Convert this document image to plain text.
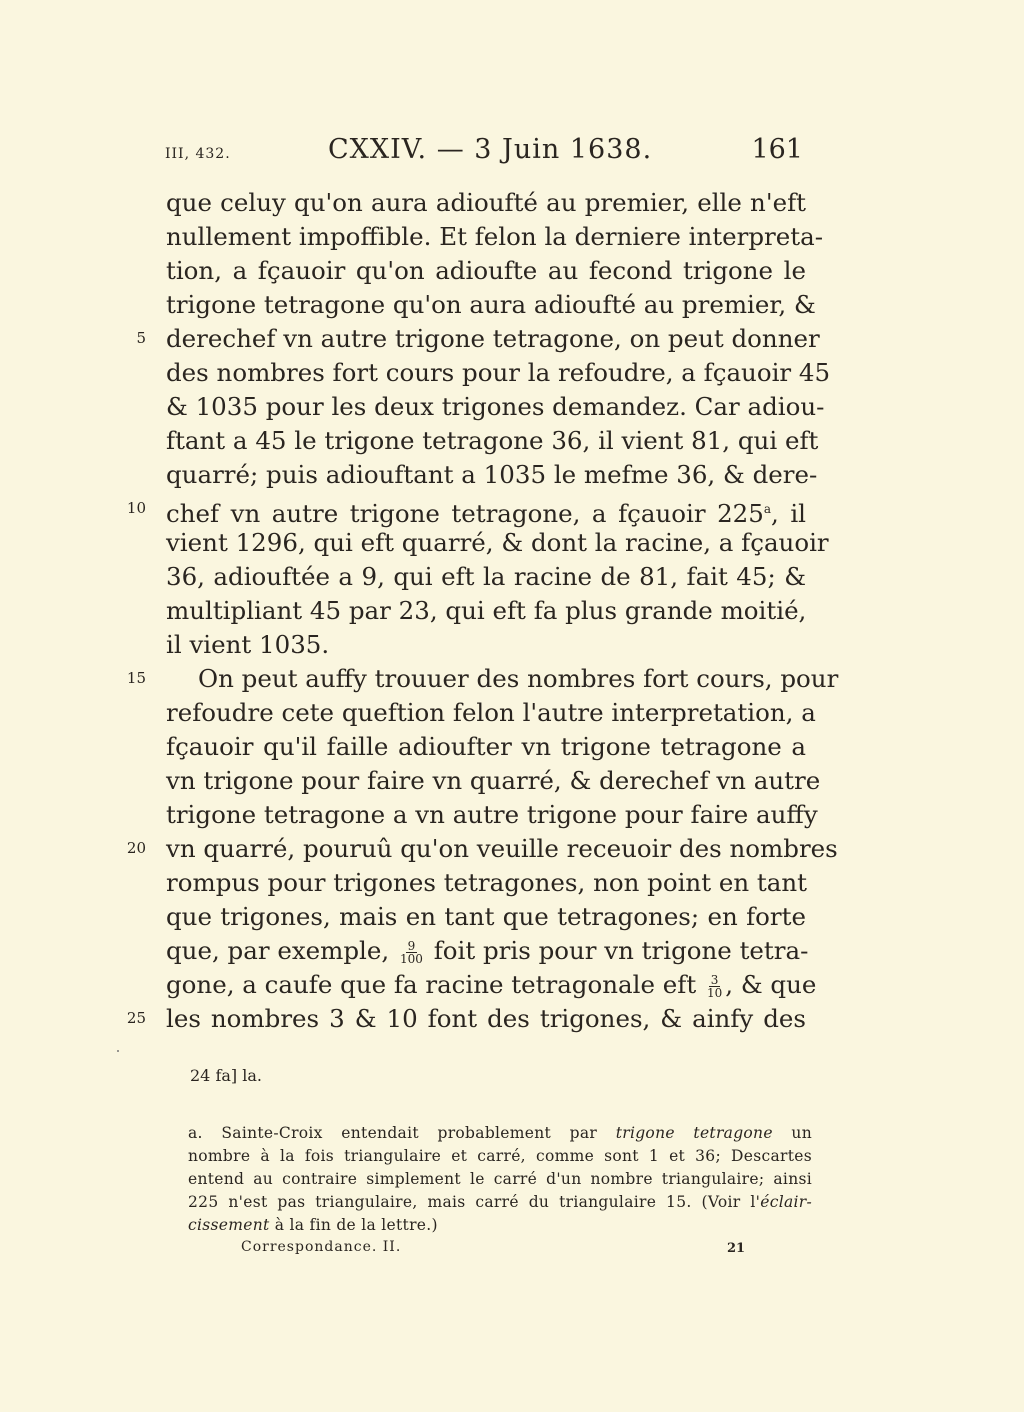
III, 432.	CXXIV. — 3 Juin 1638.	161
que celuy qu'on aura adioufté au premier, elle n'eft
nullement impoffible. Et felon la derniere interpreta-
tion, a fçauoir qu'on adioufte au fecond trigone le
trigone tetragone qu'on aura adioufté au premier, &
derechef vn autre trigone tetragone, on peut donner
des nombres fort cours pour la refoudre, a fçauoir 45
& 1035 pour les deux trigones demandez. Car adiou-
ftant a 45 le trigone tetragone 36, il vient 81, qui eft
quarré; puis adiouftant a 1035 le mefme 36, & dere-
chef vn autre trigone tetragone, a fçauoir 225$^a$, il
vient 1296, qui eft quarré, & dont la racine, a fçauoir
36, adiouftée a 9, qui eft la racine de 81, fait 45; &
multipliant 45 par 23, qui eft fa plus grande moitié,
il vient 1035.
On peut auffy trouuer des nombres fort cours, pour
refoudre cete queftion felon l'autre interpretation, a
fçauoir qu'il faille adioufter vn trigone tetragone a
vn trigone pour faire vn quarré, & derechef vn autre
trigone tetragone a vn autre trigone pour faire auffy
vn quarré, pouruû qu'on veuille receuoir des nombres
rompus pour trigones tetragones, non point en tant
que trigones, mais en tant que tetragones; en forte
que, par exemple, $\frac{9}{100}$ foit pris pour vn trigone tetra-
gone, a caufe que fa racine tetragonale eft $\frac{3}{10}$ , & que
les nombres 3 & 10 font des trigones, & ainfy des
5
10
15
20
25
24 fa] la.
a. Sainte-Croix entendait probablement par trigone tetragone un
nombre à la fois triangulaire et carré, comme sont 1 et 36; Descartes
entend au contraire simplement le carré d'un nombre triangulaire; ainsi
225 n'est pas triangulaire, mais carré du triangulaire 15. (Voir l'éclair-
cissement à la fin de la lettre.)
Correspondance. II.	21
